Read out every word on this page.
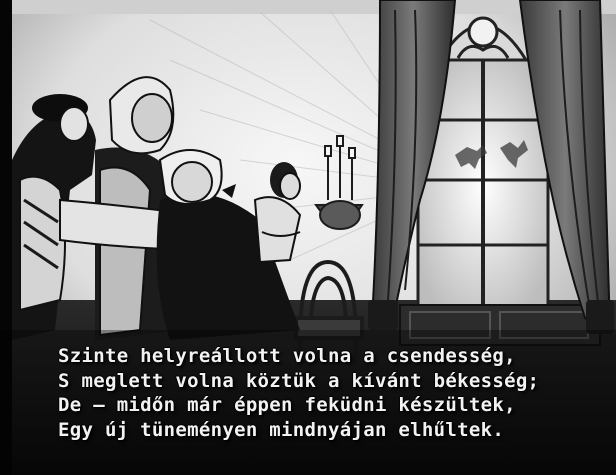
Szinte helyreállott volna a csendesség,
S meglett volna köztük a kívánt békesség;
De — midőn már éppen feküdni készültek,
Egy új tüneményen mindnyájan elhűltek.
